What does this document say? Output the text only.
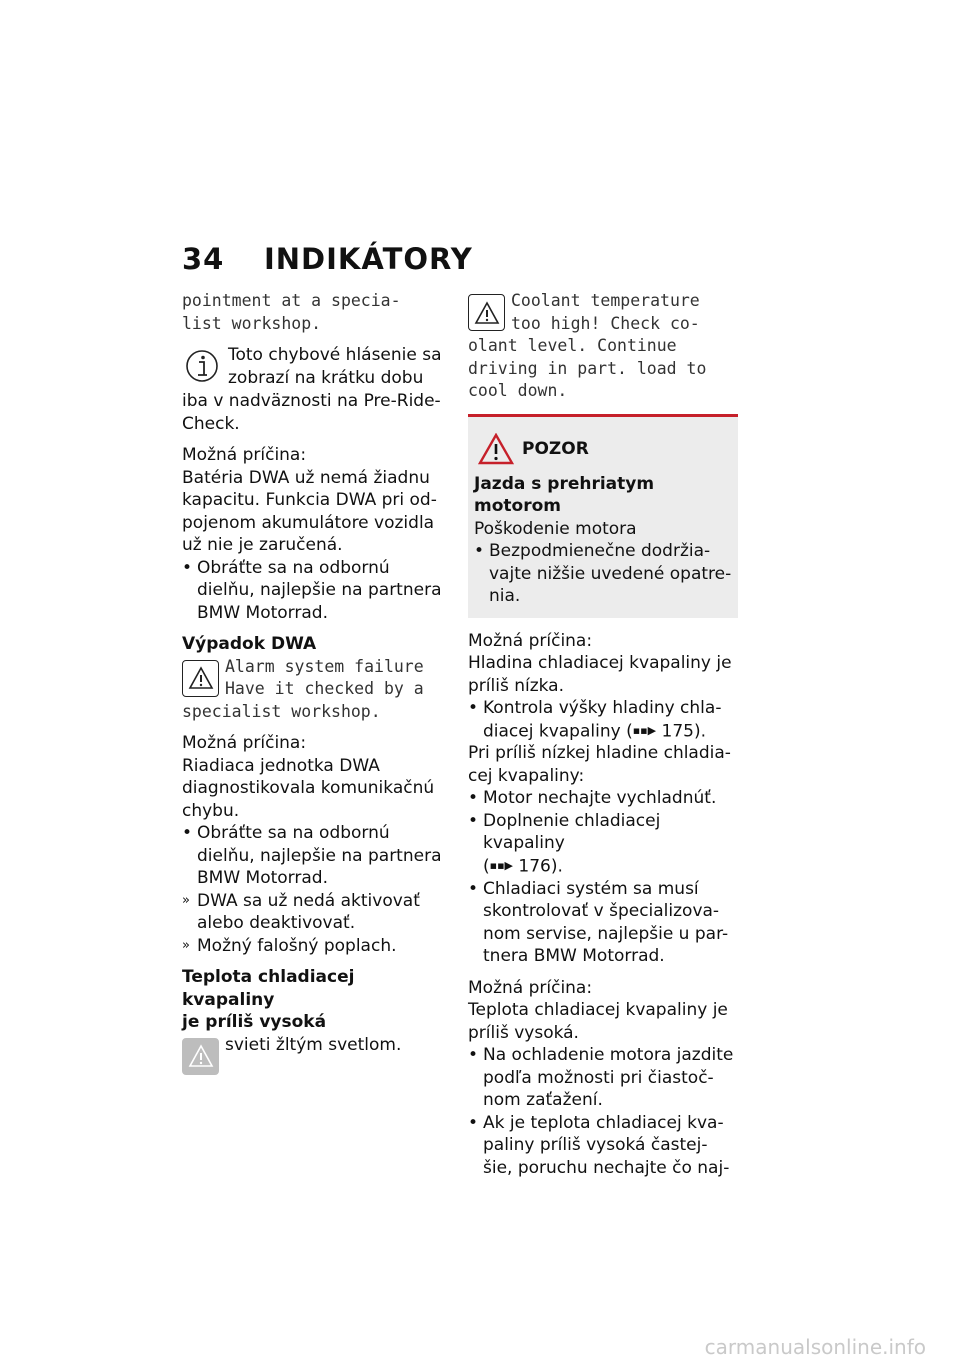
34 INDIKÁTORY

pointment at a specia-

list workshop.

Toto chybové hlásenie sa

zobrazí na krátku dobu

iba v nadväznosti na Pre-Ride-

Check.

Možná príčina:

Batéria DWA už nemá žiadnu

kapacitu. Funkcia DWA pri od-

pojenom akumulátore vozidla

už nie je zaručená.

• Obráťte sa na odbornú
dielňu, najlepšie na partnera
BMW Motorrad.

Výpadok DWA

Alarm system failure

Have it checked by a

specialist workshop.

Možná príčina:

Riadiaca jednotka DWA

diagnostikovala komunikačnú

chybu.

• Obráťte sa na odbornú
dielňu, najlepšie na partnera
BMW Motorrad.
» DWA sa už nedá aktivovať
alebo deaktivovať.
» Možný falošný poplach.

Teplota chladiacej kvapaliny

je príliš vysoká

svieti žltým svetlom.

Coolant temperature

too high! Check co-

olant level. Continue

driving in part. load to

cool down.

POZOR

Jazda s prehriatym motorom

Poškodenie motora

• Bezpodmienečne dodržia-
vajte nižšie uvedené opatre-
nia.

Možná príčina:

Hladina chladiacej kvapaliny je

príliš nízka.

• Kontrola výšky hladiny chla-
diacej kvapaliny (▪▪▶ 175).

Pri príliš nízkej hladine chladia-

cej kvapaliny:

• Motor nechajte vychladnúť.
• Doplnenie chladiacej kvapaliny
(▪▪▶ 176).
• Chladiaci systém sa musí
skontrolovať v špecializova-
nom servise, najlepšie u par-
tnera BMW Motorrad.

Možná príčina:

Teplota chladiacej kvapaliny je

príliš vysoká.

• Na ochladenie motora jazdite
podľa možnosti pri čiastoč-
nom zaťažení.
• Ak je teplota chladiacej kva-
paliny príliš vysoká častej-
šie, poruchu nechajte čo naj-
carmanualsonline.info
